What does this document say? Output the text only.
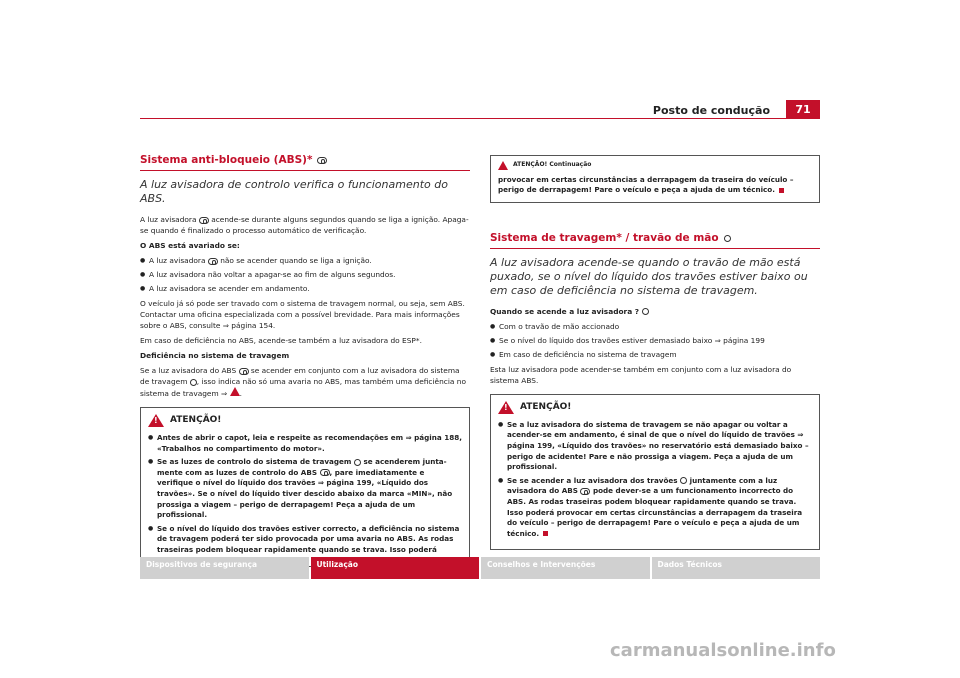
Posto de condução	71
Sistema anti-bloqueio (ABS)*
A luz avisadora de controlo verifica o funcionamento do ABS.

A luz avisadora acende-se durante alguns segundos quando se liga a ignição. Apaga-se quando é finalizado o processo automático de verificação.

O ABS está avariado se:

● A luz avisadora não se acender quando se liga a ignição.
● A luz avisadora não voltar a apagar-se ao fim de alguns segundos.
● A luz avisadora se acender em andamento.

O veículo já só pode ser travado com o sistema de travagem normal, ou seja, sem ABS. Contactar uma oficina especializada com a possível brevidade. Para mais informações sobre o ABS, consulte ⇒ página 154.

Em caso de deficiência no ABS, acende-se também a luz avisadora do ESP*.

Deficiência no sistema de travagem

Se a luz avisadora do ABS se acender em conjunto com a luz avisadora do sistema de travagem , isso indica não só uma avaria no ABS, mas também uma deficiência no sistema de travagem ⇒ .

!
ATENÇÃO!
● Antes de abrir o capot, leia e respeite as recomendações em ⇒ página 188, «Trabalhos no compartimento do motor».
● Se as luzes de controlo do sistema de travagem se acenderem junta-mente com as luzes de controlo do ABS , pare imediatamente e verifique o nível do líquido dos travões ⇒ página 199, «Líquido dos travões». Se o nível do líquido tiver descido abaixo da marca «MIN», não prossiga a viagem – perigo de derrapagem! Peça a ajuda de um profissional.
● Se o nível do líquido dos travões estiver correcto, a deficiência no sistema de travagem poderá ter sido provocada por uma avaria no ABS. As rodas traseiras podem bloquear rapidamente quando se trava. Isso poderá
ATENÇÃO! Continuação
provocar em certas circunstâncias a derrapagem da traseira do veículo – perigo de derrapagem! Pare o veículo e peça a ajuda de um técnico.
Sistema de travagem* / travão de mão
A luz avisadora acende-se quando o travão de mão está puxado, se o nível do líquido dos travões estiver baixo ou em caso de deficiência no sistema de travagem.

Quando se acende a luz avisadora ?

● Com o travão de mão accionado
● Se o nível do líquido dos travões estiver demasiado baixo ⇒ página 199
● Em caso de deficiência no sistema de travagem

Esta luz avisadora pode acender-se também em conjunto com a luz avisadora do sistema ABS.

!
ATENÇÃO!
● Se a luz avisadora do sistema de travagem se não apagar ou voltar a acender-se em andamento, é sinal de que o nível do líquido de travões ⇒ página 199, «Líquido dos travões» no reservatório está demasiado baixo – perigo de acidente! Pare e não prossiga a viagem. Peça a ajuda de um profissional.
● Se se acender a luz avisadora dos travões juntamente com a luz avisadora do ABS pode dever-se a um funcionamento incorrecto do ABS. As rodas traseiras podem bloquear rapidamente quando se trava. Isso poderá provocar em certas circunstâncias a derrapagem da traseira do veículo – perigo de derrapagem! Pare o veículo e peça a ajuda de um técnico.
Dispositivos de segurança	Utilização	Conselhos e Intervenções	Dados Técnicos
carmanualsonline.info
